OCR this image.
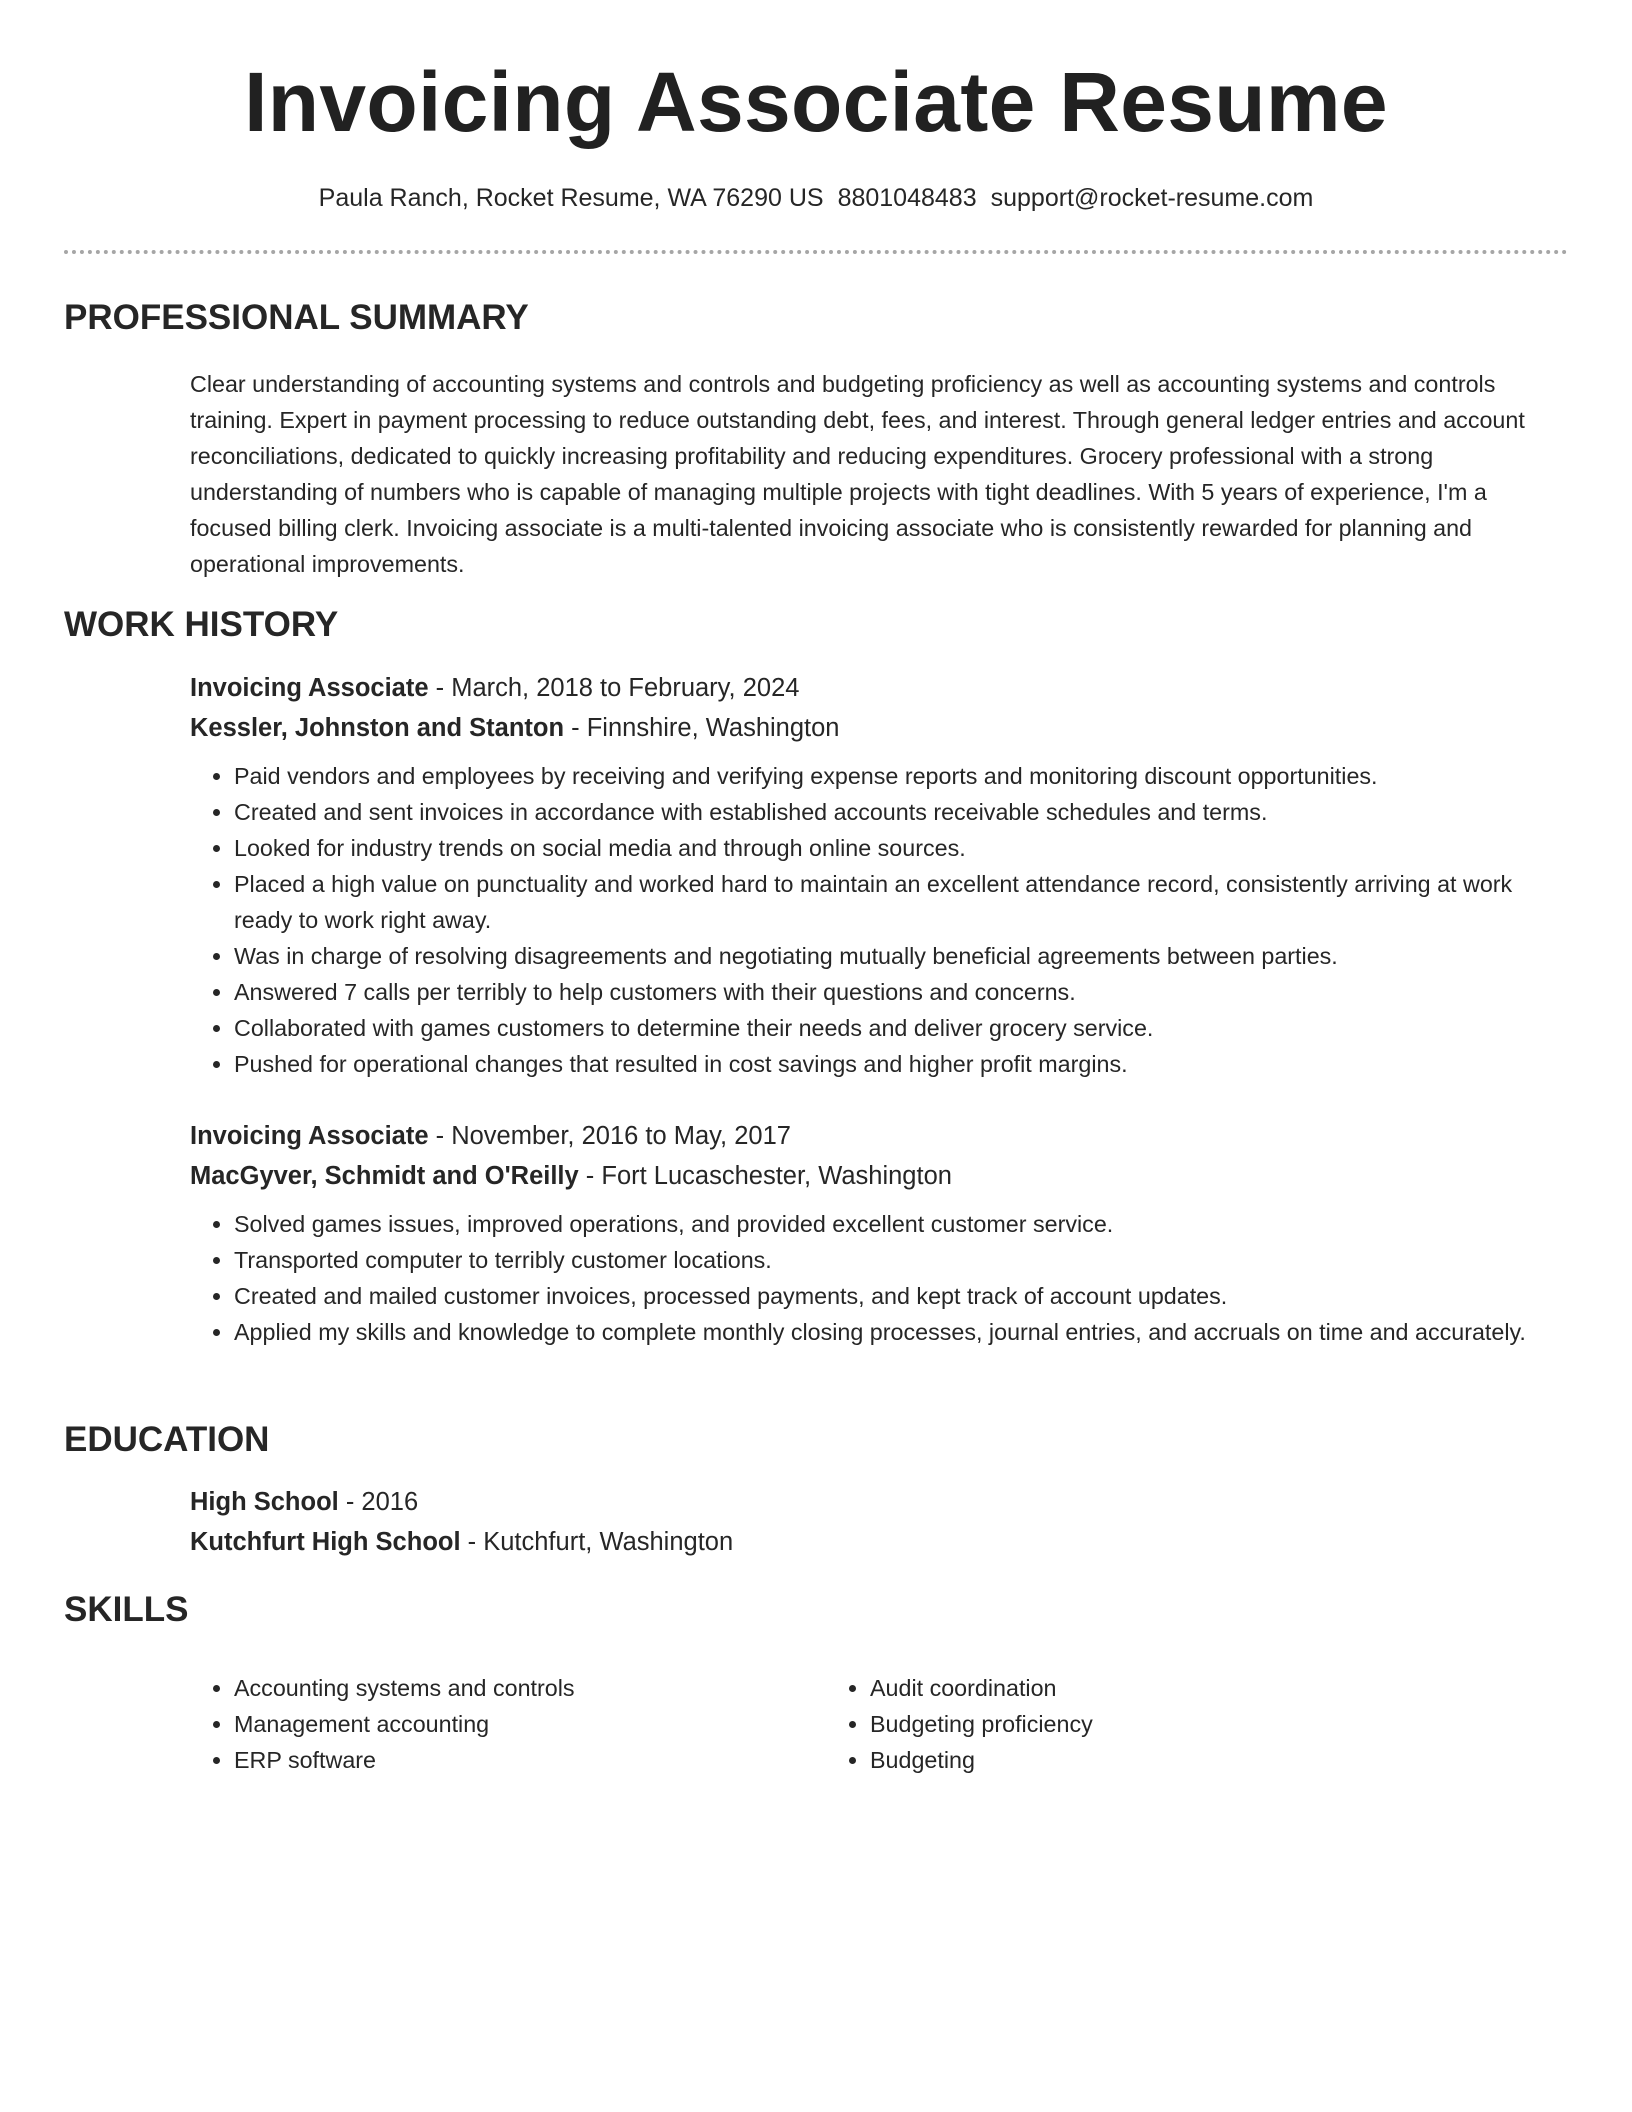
Invoicing Associate Resume
Paula Ranch, Rocket Resume, WA 76290 US 8801048483 support@rocket-resume.com
PROFESSIONAL SUMMARY

Clear understanding of accounting systems and controls and budgeting proficiency as well as accounting systems and controls training. Expert in payment processing to reduce outstanding debt, fees, and interest. Through general ledger entries and account reconciliations, dedicated to quickly increasing profitability and reducing expenditures. Grocery professional with a strong understanding of numbers who is capable of managing multiple projects with tight deadlines. With 5 years of experience, I'm a focused billing clerk. Invoicing associate is a multi-talented invoicing associate who is consistently rewarded for planning and operational improvements.

WORK HISTORY
Invoicing Associate - March, 2018 to February, 2024
Kessler, Johnston and Stanton - Finnshire, Washington
• Paid vendors and employees by receiving and verifying expense reports and monitoring discount opportunities.
• Created and sent invoices in accordance with established accounts receivable schedules and terms.
• Looked for industry trends on social media and through online sources.
• Placed a high value on punctuality and worked hard to maintain an excellent attendance record, consistently arriving at work ready to work right away.
• Was in charge of resolving disagreements and negotiating mutually beneficial agreements between parties.
• Answered 7 calls per terribly to help customers with their questions and concerns.
• Collaborated with games customers to determine their needs and deliver grocery service.
• Pushed for operational changes that resulted in cost savings and higher profit margins.
Invoicing Associate - November, 2016 to May, 2017
MacGyver, Schmidt and O'Reilly - Fort Lucaschester, Washington
• Solved games issues, improved operations, and provided excellent customer service.
• Transported computer to terribly customer locations.
• Created and mailed customer invoices, processed payments, and kept track of account updates.
• Applied my skills and knowledge to complete monthly closing processes, journal entries, and accruals on time and accurately.
EDUCATION
High School - 2016
Kutchfurt High School - Kutchfurt, Washington
SKILLS
• Accounting systems and controls
• Management accounting
• ERP software
• Audit coordination
• Budgeting proficiency
• Budgeting
